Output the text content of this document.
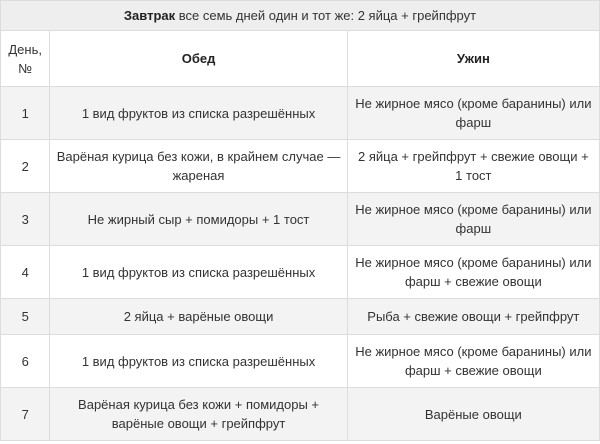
Завтрак все семь дней один и тот же: 2 яйца + грейпфрут		
День, №	Обед	Ужин
1	1 вид фруктов из списка разрешённых	Не жирное мясо (кроме баранины) или фарш
2	Варёная курица без кожи, в крайнем случае — жареная	2 яйца + грейпфрут + свежие овощи + 1 тост
3	Не жирный сыр + помидоры + 1 тост	Не жирное мясо (кроме баранины) или фарш
4	1 вид фруктов из списка разрешённых	Не жирное мясо (кроме баранины) или фарш + свежие овощи
5	2 яйца + варёные овощи	Рыба + свежие овощи + грейпфрут
6	1 вид фруктов из списка разрешённых	Не жирное мясо (кроме баранины) или фарш + свежие овощи
7	Варёная курица без кожи + помидоры + варёные овощи + грейпфрут	Варёные овощи
